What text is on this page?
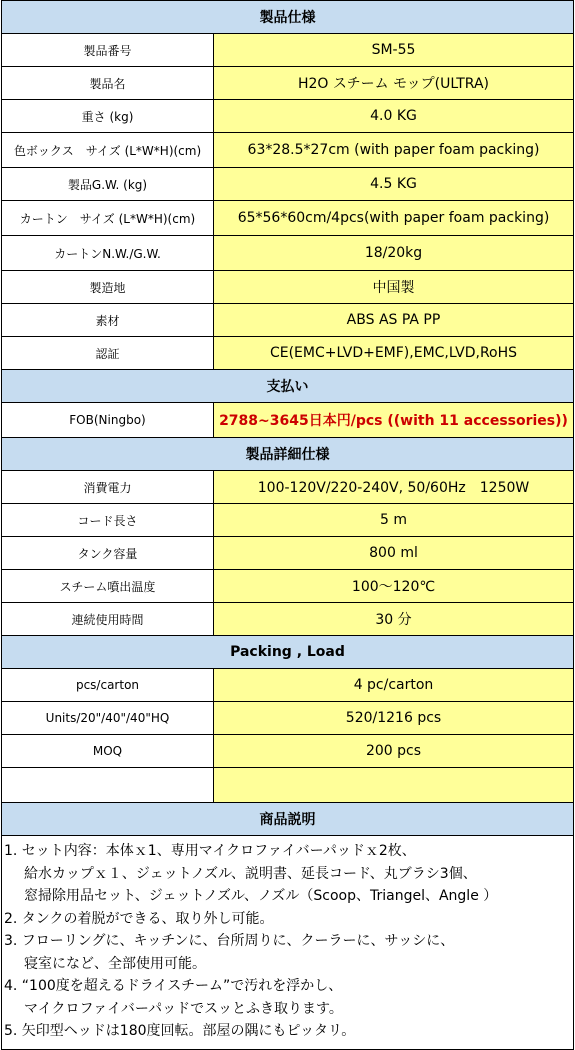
製品仕様
製品番号	SM-55
製品名	H2O スチーム モップ(ULTRA)
重さ (kg)	4.0 KG
色ボックス　サイズ (L*W*H)(cm)	63*28.5*27cm (with paper foam packing)
製品G.W. (kg)	4.5 KG
カートン　サイズ (L*W*H)(cm)	65*56*60cm/4pcs(with paper foam packing)
カートンN.W./G.W.	18/20kg
製造地	中国製
素材	ABS AS PA PP
認証	CE(EMC+LVD+EMF),EMC,LVD,RoHS
支払い
FOB(Ningbo)	2788~3645日本円/pcs ((with 11 accessories))
製品詳細仕様
消費電力	100-120V/220-240V, 50/60Hz　1250W
コード長さ	5 m
タンク容量	800 ml
スチーム噴出温度	100～120℃
連続使用時間	30 分
Packing , Load
pcs/carton	4 pc/carton
Units/20"/40"/40"HQ	520/1216 pcs
MOQ	200 pcs
商品説明
1. セット内容：本体ｘ1、専用マイクロファイバーパッドｘ2枚、
給水カップｘ１、ジェットノズル、説明書、延長コード、丸ブラシ3個、
窓掃除用品セット、ジェットノズル、ノズル（Scoop、Triangel、Angle ）
2. タンクの着脱ができる、取り外し可能。
3. フローリングに、キッチンに、台所周りに、クーラーに、サッシに、
寝室になど、全部使用可能。
4. “100度を超えるドライスチーム”で汚れを浮かし、
マイクロファイバーパッドでスッとふき取ります。
5. 矢印型ヘッドは180度回転。部屋の隅にもピッタリ。
